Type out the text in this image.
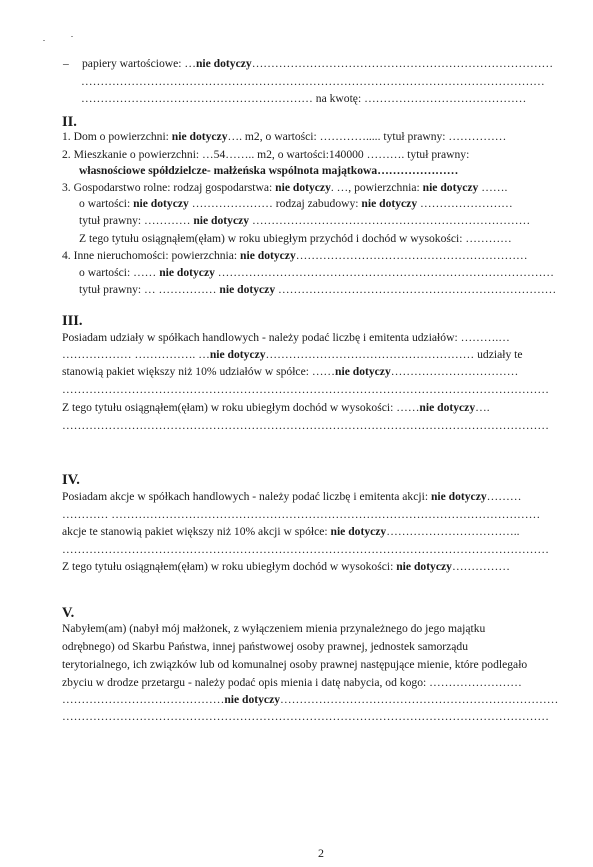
– papiery wartościowe: …nie dotyczy……………………………………………………………………
…………………………………………………………………………………………………………
…………………………………………………… na kwotę: ……………………………………
II.
1. Dom o powierzchni: nie dotyczy…. m2, o wartości: …………..... tytuł prawny: ……………
2. Mieszkanie o powierzchni: …54…….. m2, o wartości:140000 ………. tytuł prawny:
własnościowe spółdzielcze- małżeńska wspólnota majątkowa…………………
3. Gospodarstwo rolne: rodzaj gospodarstwa: nie dotyczy. …, powierzchnia: nie dotyczy …….
o wartości: nie dotyczy ………………… rodzaj zabudowy: nie dotyczy ……………………
tytuł prawny: ………… nie dotyczy ………………………………………………………………
Z tego tytułu osiągnąłem(ęłam) w roku ubiegłym przychód i dochód w wysokości: …………
4. Inne nieruchomości: powierzchnia: nie dotyczy……………………………………………………
o wartości: …… nie dotyczy ……………………………………………………………………………
tytuł prawny: … …………… nie dotyczy ………………………………………………………………
III.
Posiadam udziały w spółkach handlowych - należy podać liczbę i emitenta udziałów: ……….…
……………… ……………. …nie dotyczy……………………………………………… udziały te
stanowią pakiet większy niż 10% udziałów w spółce: ……nie dotyczy……………………………
………………………………………………………………………………………………………………
Z tego tytułu osiągnąłem(ęłam) w roku ubiegłym dochód w wysokości: ……nie dotyczy….
………………………………………………………………………………………………………………
IV.
Posiadam akcje w spółkach handlowych - należy podać liczbę i emitenta akcji: nie dotyczy………
………… …………………………………………………………………………………………………
akcje te stanowią pakiet większy niż 10% akcji w spółce: nie dotyczy……………………………..
………………………………………………………………………………………………………………
Z tego tytułu osiągnąłem(ęłam) w roku ubiegłym dochód w wysokości: nie dotyczy……………
V.
Nabyłem(am) (nabył mój małżonek, z wyłączeniem mienia przynależnego do jego majątku
odrębnego) od Skarbu Państwa, innej państwowej osoby prawnej, jednostek samorządu
terytorialnego, ich związków lub od komunalnej osoby prawnej następujące mienie, które podlegało
zbyciu w drodze przetargu - należy podać opis mienia i datę nabycia, od kogo: ……………………
……………………………………nie dotyczy………………………………………………………………
………………………………………………………………………………………………………………
2
